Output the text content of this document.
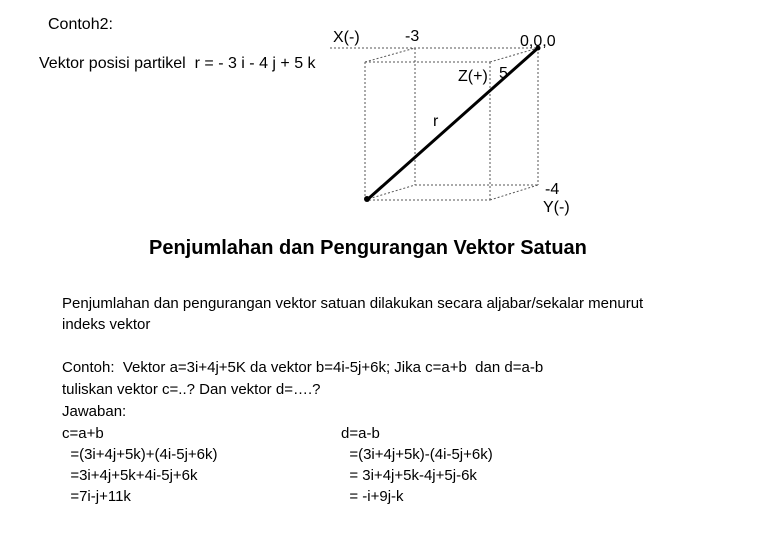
Contoh2:
X(-)	-3	0,0,0
Vektor posisi partikel  r = - 3 i - 4 j + 5 k
Z(+) 5
r
-4
Y(-)
Penjumlahan dan Pengurangan Vektor Satuan
Penjumlahan dan pengurangan vektor satuan dilakukan secara aljabar/sekalar menurut
indeks vektor
Contoh:  Vektor a=3i+4j+5K da vektor b=4i-5j+6k; Jika c=a+b  dan d=a-b
tuliskan vektor c=..? Dan vektor d=….?
Jawaban:
c=a+b
=(3i+4j+5k)+(4i-5j+6k)
=3i+4j+5k+4i-5j+6k
=7i-j+11k
d=a-b
=(3i+4j+5k)-(4i-5j+6k)
= 3i+4j+5k-4j+5j-6k
= -i+9j-k
